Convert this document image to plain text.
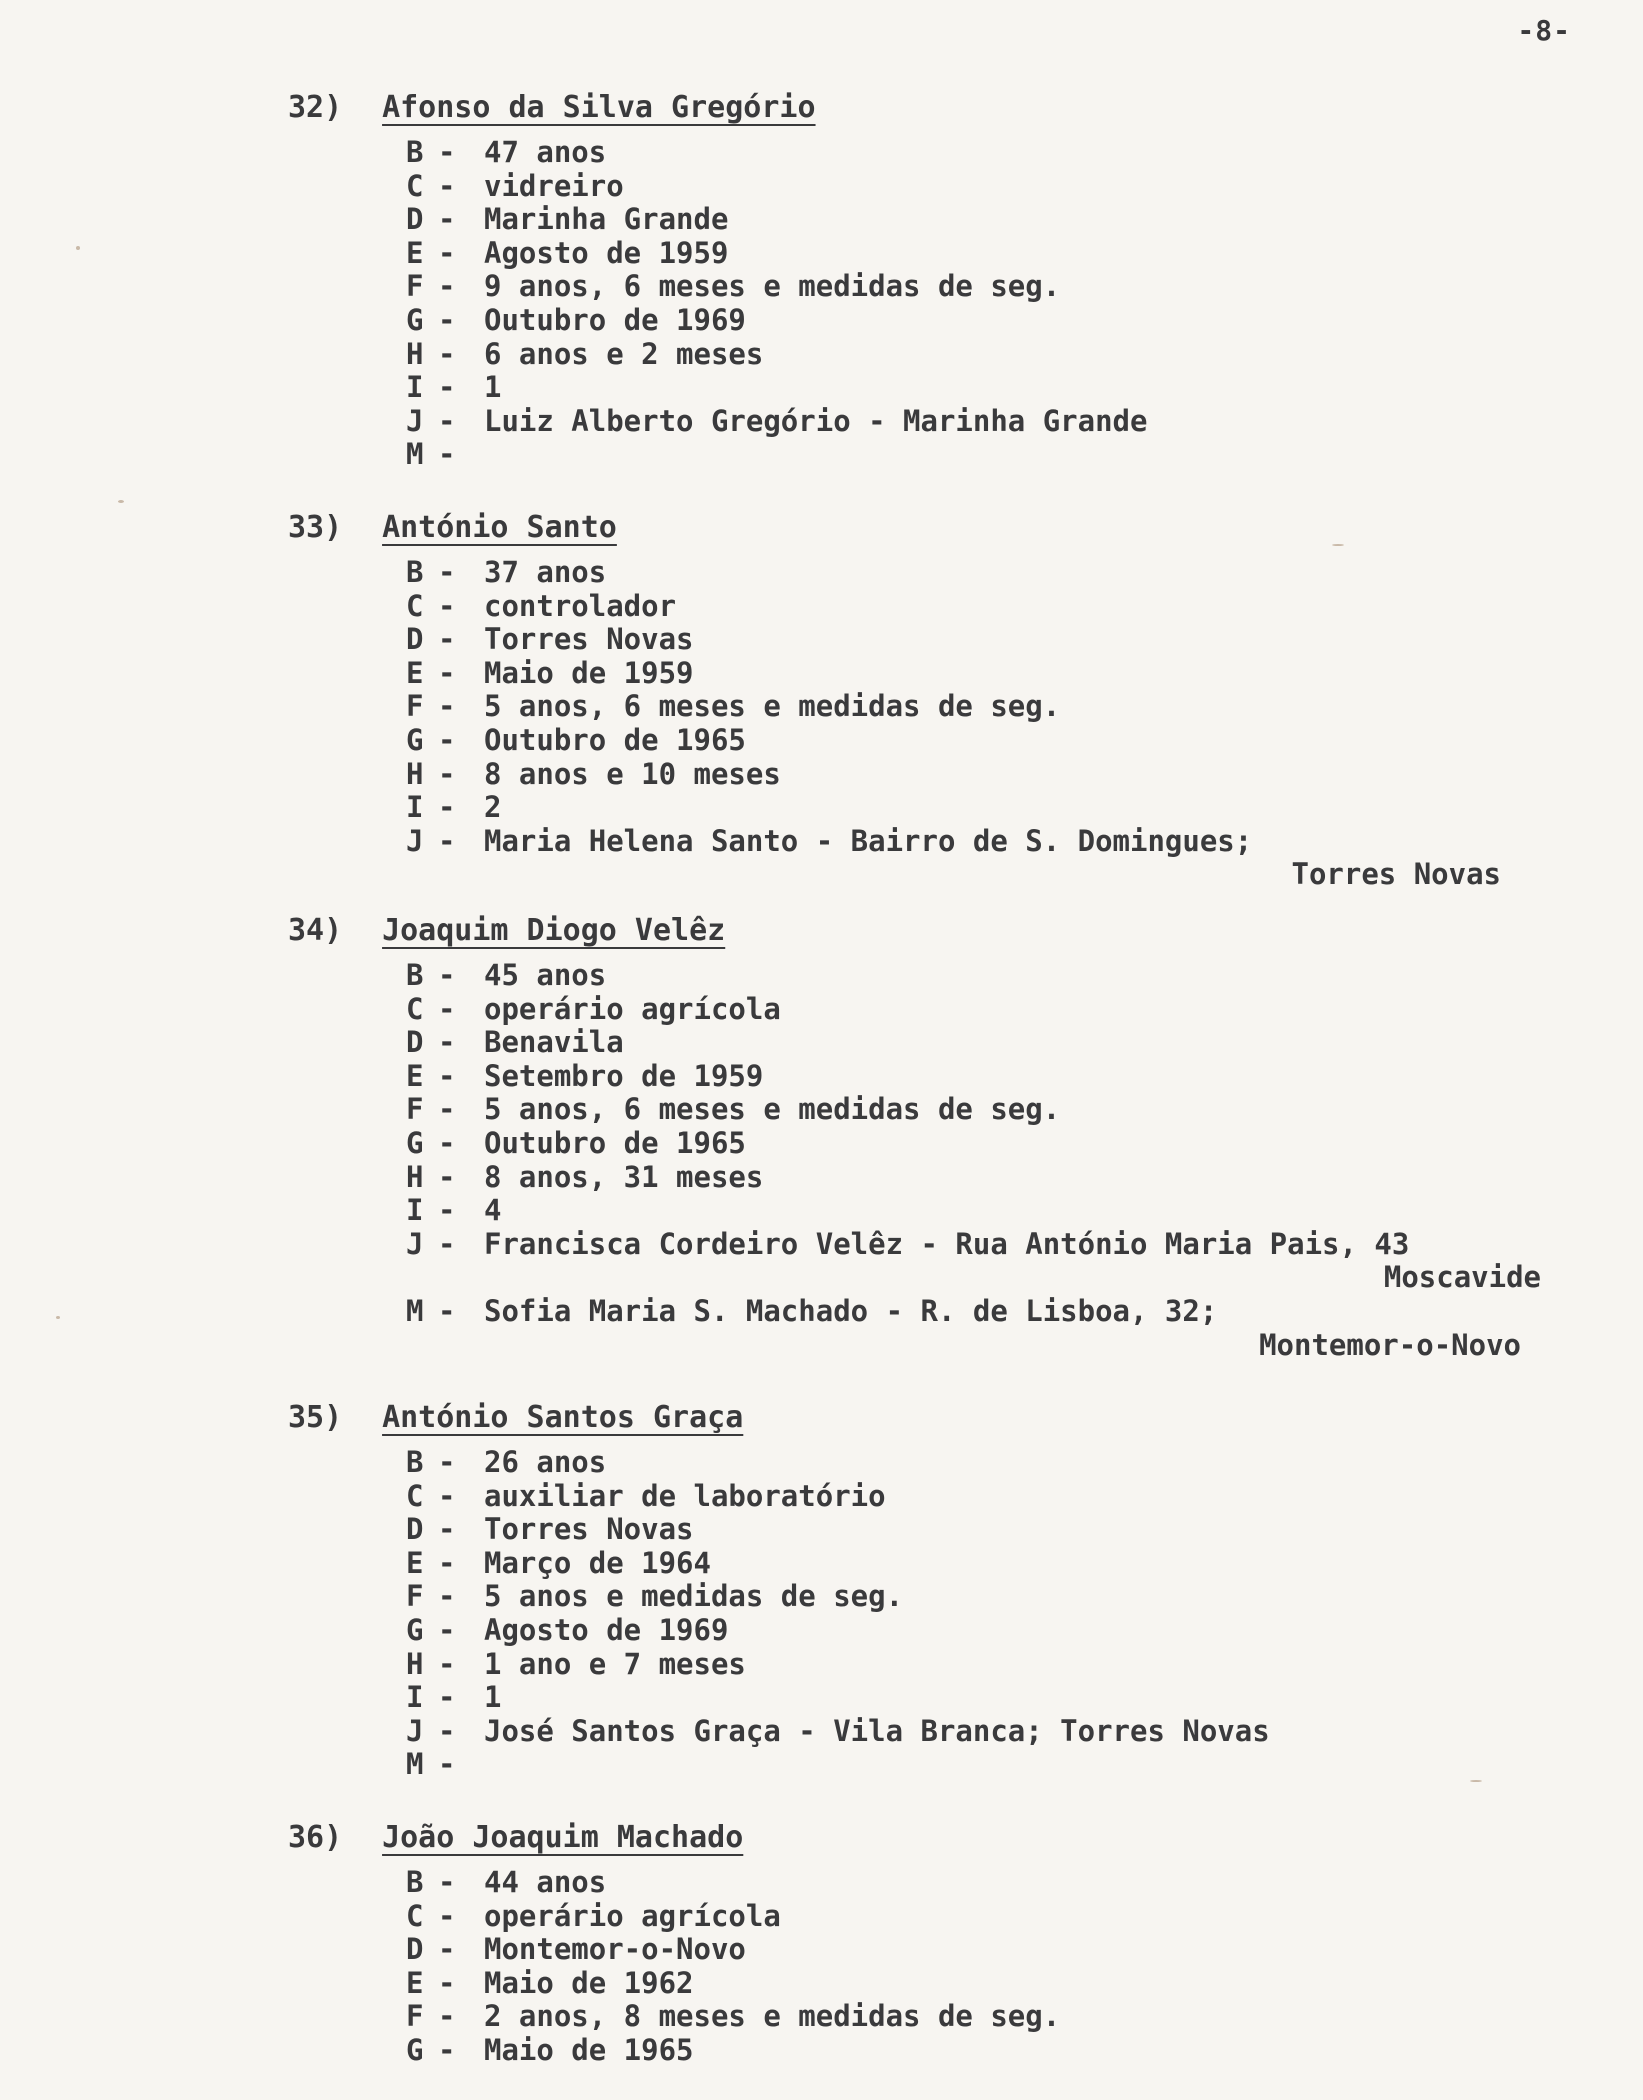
-8-
32) Afonso da Silva Gregório
B - 47 anos
C - vidreiro
D - Marinha Grande
E - Agosto de 1959
F - 9 anos, 6 meses e medidas de seg.
G - Outubro de 1969
H - 6 anos e 2 meses
I - 1
J - Luiz Alberto Gregório - Marinha Grande
M -
33) António Santo
B - 37 anos
C - controlador
D - Torres Novas
E - Maio de 1959
F - 5 anos, 6 meses e medidas de seg.
G - Outubro de 1965
H - 8 anos e 10 meses
I - 2
J - Maria Helena Santo - Bairro de S. Domingues;
Torres Novas
34) Joaquim Diogo Velêz
B - 45 anos
C - operário agrícola
D - Benavila
E - Setembro de 1959
F - 5 anos, 6 meses e medidas de seg.
G - Outubro de 1965
H - 8 anos, 31 meses
I - 4
J - Francisca Cordeiro Velêz - Rua António Maria Pais, 43
Moscavide
M - Sofia Maria S. Machado - R. de Lisboa, 32;
Montemor-o-Novo
35) António Santos Graça
B - 26 anos
C - auxiliar de laboratório
D - Torres Novas
E - Março de 1964
F - 5 anos e medidas de seg.
G - Agosto de 1969
H - 1 ano e 7 meses
I - 1
J - José Santos Graça - Vila Branca; Torres Novas
M -
36) João Joaquim Machado
B - 44 anos
C - operário agrícola
D - Montemor-o-Novo
E - Maio de 1962
F - 2 anos, 8 meses e medidas de seg.
G - Maio de 1965
